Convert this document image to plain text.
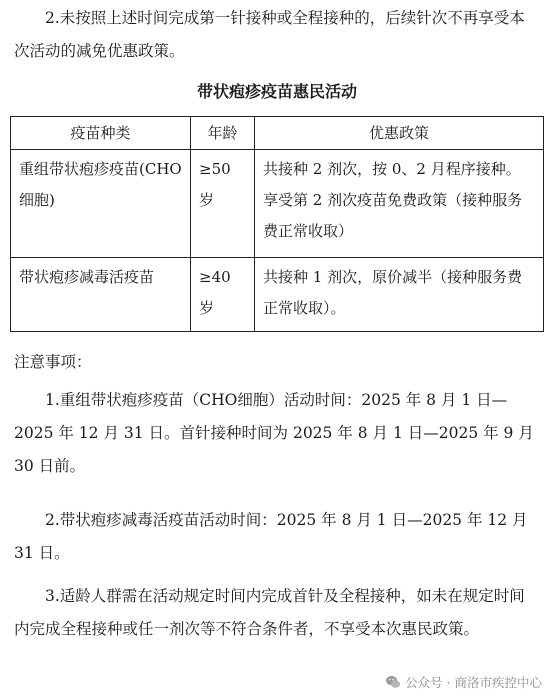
2.未按照上述时间完成第一针接种或全程接种的，后续针次不再享受本次活动的减免优惠政策。

带状疱疹疫苗惠民活动
疫苗种类	年龄	优惠政策
重组带状疱疹疫苗(CHO细胞)	≥50 岁	共接种 2 剂次，按 0、2 月程序接种。享受第 2 剂次疫苗免费政策（接种服务费正常收取）
带状疱疹减毒活疫苗	≥40 岁	共接种 1 剂次，原价减半（接种服务费正常收取）。

注意事项：

1.重组带状疱疹疫苗（CHO细胞）活动时间：2025 年 8 月 1 日—2025 年 12 月 31 日。首针接种时间为 2025 年 8 月 1 日—2025 年 9 月 30 日前。

2.带状疱疹减毒活疫苗活动时间：2025 年 8 月 1 日—2025 年 12 月 31 日。

3.适龄人群需在活动规定时间内完成首针及全程接种，如未在规定时间内完成全程接种或任一剂次等不符合条件者，不享受本次惠民政策。

公众号 · 商洛市疾控中心
